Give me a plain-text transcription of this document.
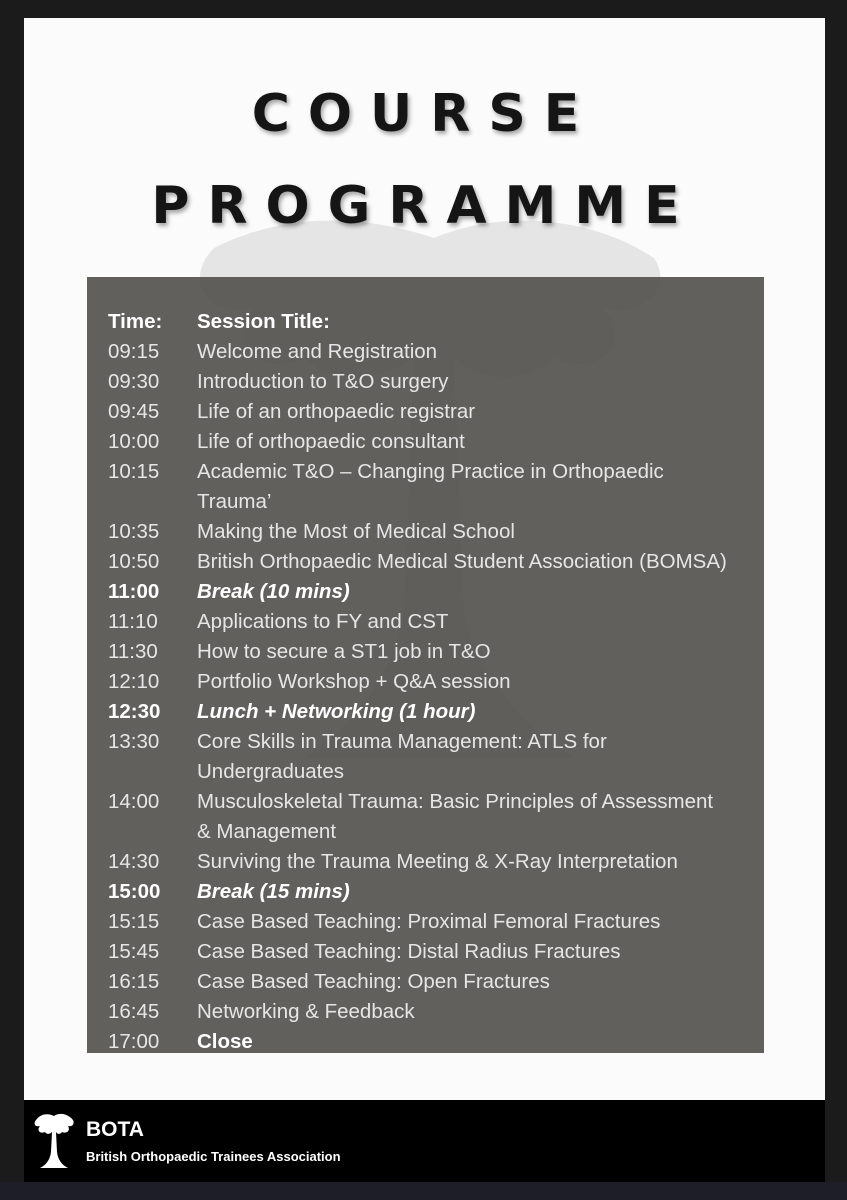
COURSE
PROGRAMME
Time:	Session Title:
09:15	Welcome and Registration
09:30	Introduction to T&O surgery
09:45	Life of an orthopaedic registrar
10:00	Life of orthopaedic consultant
10:15	Academic T&O – Changing Practice in Orthopaedic
Trauma’
10:35	Making the Most of Medical School
10:50	British Orthopaedic Medical Student Association (BOMSA)
11:00	Break (10 mins)
11:10	Applications to FY and CST
11:30	How to secure a ST1 job in T&O
12:10	Portfolio Workshop + Q&A session
12:30	Lunch + Networking (1 hour)
13:30	Core Skills in Trauma Management: ATLS for
Undergraduates
14:00	Musculoskeletal Trauma: Basic Principles of Assessment
& Management
14:30	Surviving the Trauma Meeting & X-Ray Interpretation
15:00	Break (15 mins)
15:15	Case Based Teaching: Proximal Femoral Fractures
15:45	Case Based Teaching: Distal Radius Fractures
16:15	Case Based Teaching: Open Fractures
16:45	Networking & Feedback
17:00	Close
BOTA
British Orthopaedic Trainees Association
